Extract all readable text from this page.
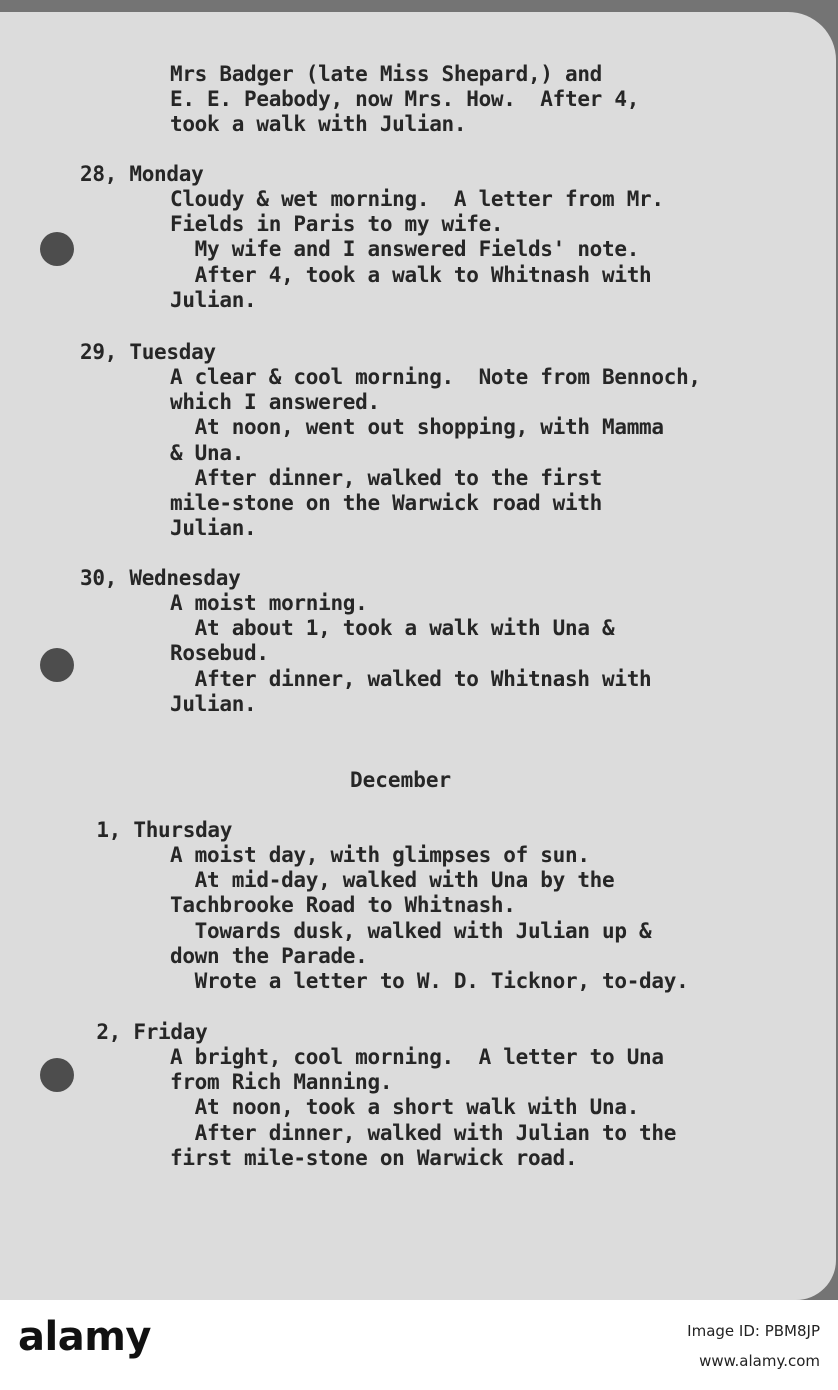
Mrs Badger (late Miss Shepard,) and
E. E. Peabody, now Mrs. How.  After 4,
took a walk with Julian.
28, Monday
Cloudy & wet morning.  A letter from Mr.
Fields in Paris to my wife.
My wife and I answered Fields' note.
After 4, took a walk to Whitnash with
Julian.
29, Tuesday
A clear & cool morning.  Note from Bennoch,
which I answered.
At noon, went out shopping, with Mamma
& Una.
After dinner, walked to the first
mile-stone on the Warwick road with
Julian.
30, Wednesday
A moist morning.
At about 1, took a walk with Una &
Rosebud.
After dinner, walked to Whitnash with
Julian.
December
1, Thursday
A moist day, with glimpses of sun.
At mid-day, walked with Una by the
Tachbrooke Road to Whitnash.
Towards dusk, walked with Julian up &
down the Parade.
Wrote a letter to W. D. Ticknor, to-day.
2, Friday
A bright, cool morning.  A letter to Una
from Rich Manning.
At noon, took a short walk with Una.
After dinner, walked with Julian to the
first mile-stone on Warwick road.
alamy	Image ID: PBM8JP
www.alamy.com
